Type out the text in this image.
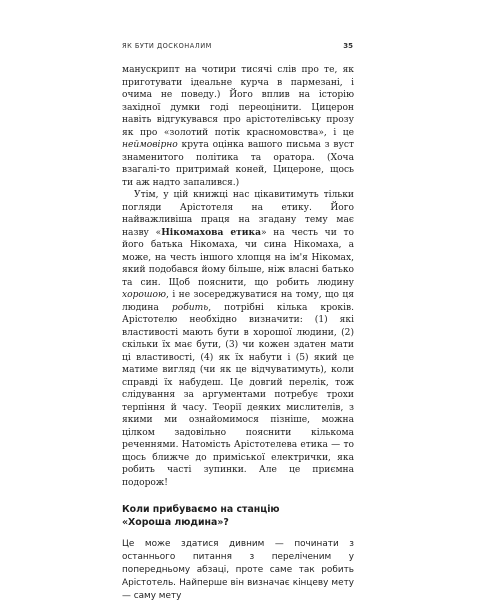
ЯК БУТИ ДОСКОНАЛИМ	35

манускрипт на чотири тисячі слів про те, як приготувати ідеальне курча в пармезані, і очима не поведу.) Його вплив на історію західної думки годі переоцінити. Цицерон навіть відгукувався про арістотелівську прозу як про «золотий потік красномовства», і це неймовірно крута оцінка вашого письма з вуст знаменитого політика та оратора. (Хоча взагалі-то притримай коней, Цицероне, щось ти аж надто запалився.)

Утім, у цій книжці нас цікавитимуть тільки погляди Арістотеля на етику. Його найважливіша праця на згадану тему має назву «Нікомахова етика» на честь чи то його батька Нікомаха, чи сина Нікомаха, а може, на честь іншого хлопця на ім'я Нікомах, який подобався йому більше, ніж власні батько та син. Щоб пояснити, що робить людину хорошою, і не зосереджуватися на тому, що ця людина робить, потрібні кілька кроків. Арістотелю необхідно визначити: (1) які властивості мають бути в хорошої людини, (2) скільки їх має бути, (3) чи кожен здатен мати ці властивості, (4) як їх набути і (5) який це матиме вигляд (чи як це відчуватимуть), коли справді їх набудеш. Це довгий перелік, тож слідування за аргументами потребує трохи терпіння й часу. Теорії деяких мислителів, з якими ми ознайомимося пізніше, можна цілком задовільно пояснити кількома реченнями. Натомість Арістотелева етика — то щось ближче до приміської електрички, яка робить часті зупинки. Але це приємна подорож!

Коли прибуваємо на станцію
«Хороша людина»?

Це може здатися дивним — починати з останнього питання з переліченим у попередньому абзаці, проте саме так робить Арістотель. Найперше він визначає кінцеву мету — саму мету
